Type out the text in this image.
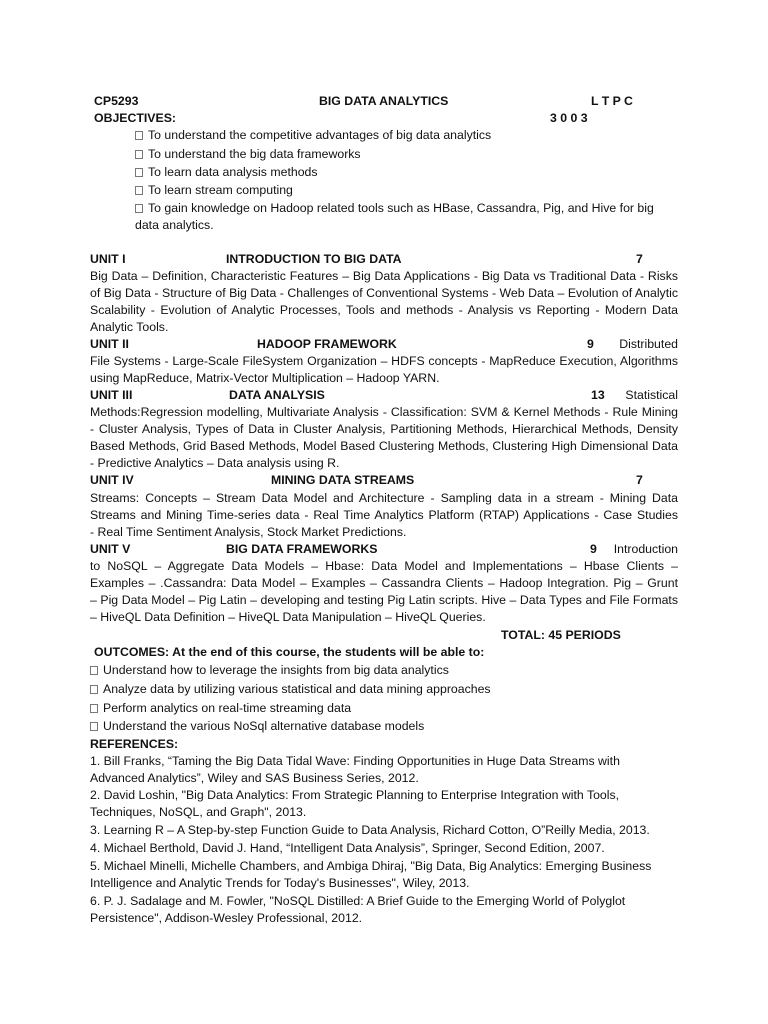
CP5293	BIG DATA ANALYTICS	L T P C
OBJECTIVES:	3 0 0 3
To understand the competitive advantages of big data analytics
To understand the big data frameworks
To learn data analysis methods
To learn stream computing
To gain knowledge on Hadoop related tools such as HBase, Cassandra, Pig, and Hive for big
data analytics.
UNIT I	INTRODUCTION TO BIG DATA	7
Big Data – Definition, Characteristic Features – Big Data Applications - Big Data vs Traditional Data - Risks
of Big Data - Structure of Big Data - Challenges of Conventional Systems - Web Data – Evolution of Analytic
Scalability - Evolution of Analytic Processes, Tools and methods - Analysis vs Reporting - Modern Data
Analytic Tools.
UNIT II	HADOOP FRAMEWORK	9 Distributed
File Systems - Large-Scale FileSystem Organization – HDFS concepts - MapReduce Execution, Algorithms
using MapReduce, Matrix-Vector Multiplication – Hadoop YARN.
UNIT III	DATA ANALYSIS	13 Statistical
Methods:Regression modelling, Multivariate Analysis - Classification: SVM & Kernel Methods - Rule Mining
- Cluster Analysis, Types of Data in Cluster Analysis, Partitioning Methods, Hierarchical Methods, Density
Based Methods, Grid Based Methods, Model Based Clustering Methods, Clustering High Dimensional Data
- Predictive Analytics – Data analysis using R.
UNIT IV	MINING DATA STREAMS	7
Streams: Concepts – Stream Data Model and Architecture - Sampling data in a stream - Mining Data
Streams and Mining Time-series data - Real Time Analytics Platform (RTAP) Applications - Case Studies
- Real Time Sentiment Analysis, Stock Market Predictions.
UNIT V	BIG DATA FRAMEWORKS	9 Introduction
to NoSQL – Aggregate Data Models – Hbase: Data Model and Implementations – Hbase Clients –
Examples – .Cassandra: Data Model – Examples – Cassandra Clients – Hadoop Integration. Pig – Grunt
– Pig Data Model – Pig Latin – developing and testing Pig Latin scripts. Hive – Data Types and File Formats
– HiveQL Data Definition – HiveQL Data Manipulation – HiveQL Queries.
TOTAL: 45 PERIODS
OUTCOMES: At the end of this course, the students will be able to:
Understand how to leverage the insights from big data analytics
Analyze data by utilizing various statistical and data mining approaches
Perform analytics on real-time streaming data
Understand the various NoSql alternative database models
REFERENCES:
1. Bill Franks, “Taming the Big Data Tidal Wave: Finding Opportunities in Huge Data Streams with
Advanced Analytics”, Wiley and SAS Business Series, 2012.
2. David Loshin, "Big Data Analytics: From Strategic Planning to Enterprise Integration with Tools,
Techniques, NoSQL, and Graph", 2013.
3. Learning R – A Step-by-step Function Guide to Data Analysis, Richard Cotton, O”Reilly Media, 2013.
4. Michael Berthold, David J. Hand, “Intelligent Data Analysis”, Springer, Second Edition, 2007.
5. Michael Minelli, Michelle Chambers, and Ambiga Dhiraj, "Big Data, Big Analytics: Emerging Business
Intelligence and Analytic Trends for Today's Businesses", Wiley, 2013.
6. P. J. Sadalage and M. Fowler, "NoSQL Distilled: A Brief Guide to the Emerging World of Polyglot
Persistence", Addison-Wesley Professional, 2012.
